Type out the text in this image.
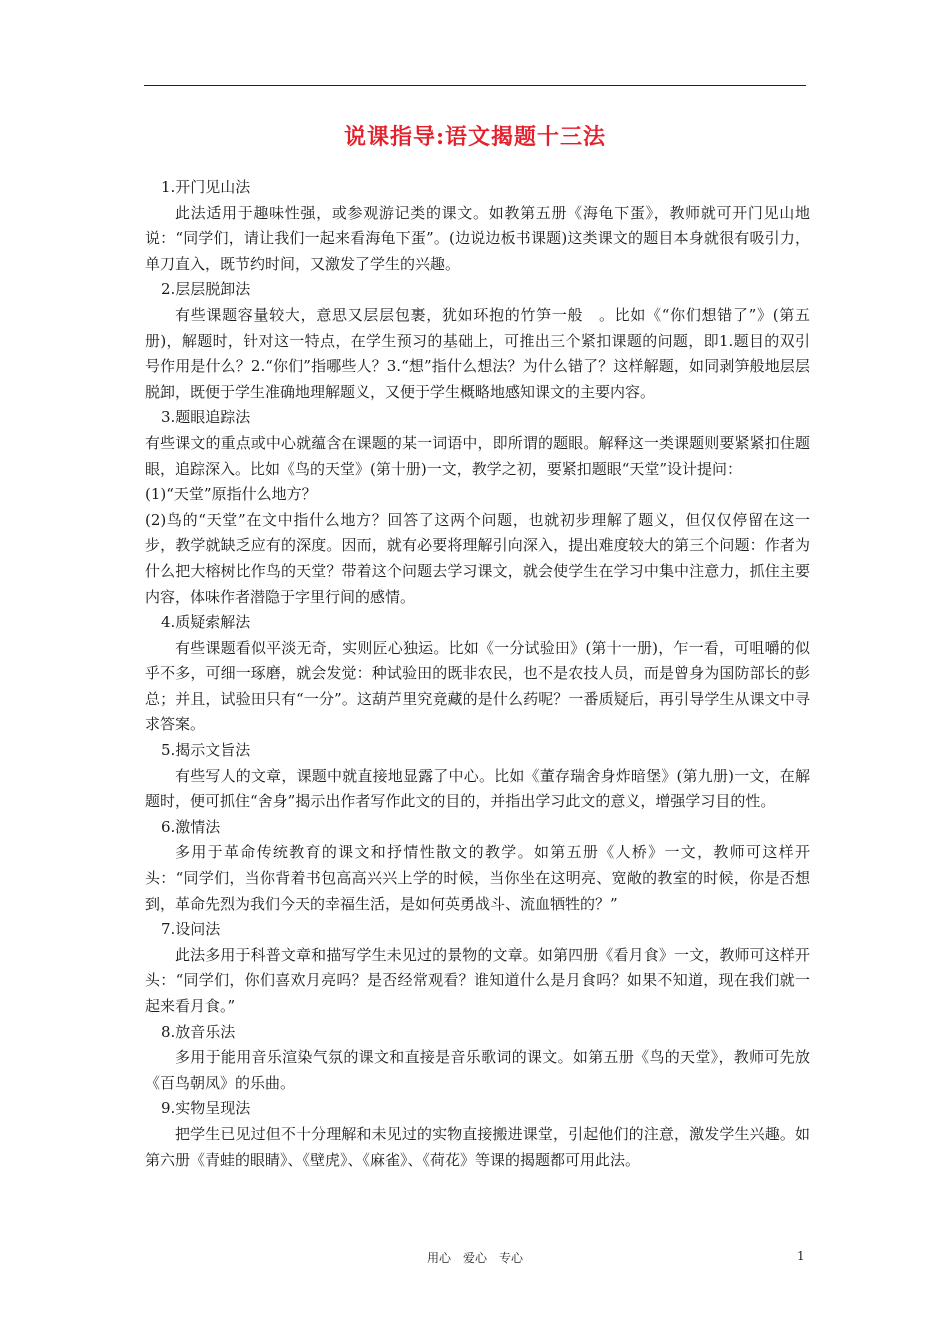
说课指导:语文揭题十三法

1.开门见山法

此法适用于趣味性强，或参观游记类的课文。如教第五册《海龟下蛋》，教师就可开门见山地说：“同学们，请让我们一起来看海龟下蛋”。(边说边板书课题)这类课文的题目本身就很有吸引力，单刀直入，既节约时间，又激发了学生的兴趣。

2.层层脱卸法

有些课题容量较大，意思又层层包裹，犹如环抱的竹笋一般　。比如《“你们想错了”》(第五册)，解题时，针对这一特点，在学生预习的基础上，可推出三个紧扣课题的问题，即1.题目的双引号作用是什么？2.“你们”指哪些人？3.“想”指什么想法？为什么错了？这样解题，如同剥笋般地层层脱卸，既便于学生准确地理解题义，又便于学生概略地感知课文的主要内容。

3.题眼追踪法

有些课文的重点或中心就蕴含在课题的某一词语中，即所谓的题眼。解释这一类课题则要紧紧扣住题眼，追踪深入。比如《鸟的天堂》(第十册)一文，教学之初，要紧扣题眼“天堂”设计提问：

(1)“天堂”原指什么地方？

(2)鸟的“天堂”在文中指什么地方？回答了这两个问题，也就初步理解了题义，但仅仅停留在这一步，教学就缺乏应有的深度。因而，就有必要将理解引向深入，提出难度较大的第三个问题：作者为什么把大榕树比作鸟的天堂？带着这个问题去学习课文，就会使学生在学习中集中注意力，抓住主要内容，体味作者潜隐于字里行间的感情。

4.质疑索解法

有些课题看似平淡无奇，实则匠心独运。比如《一分试验田》(第十一册)，乍一看，可咀嚼的似乎不多，可细一琢磨，就会发觉：种试验田的既非农民，也不是农技人员，而是曾身为国防部长的彭总；并且，试验田只有“一分”。这葫芦里究竟藏的是什么药呢？一番质疑后，再引导学生从课文中寻求答案。

5.揭示文旨法

有些写人的文章，课题中就直接地显露了中心。比如《董存瑞舍身炸暗堡》(第九册)一文，在解题时，便可抓住“舍身”揭示出作者写作此文的目的，并指出学习此文的意义，增强学习目的性。

6.激情法

多用于革命传统教育的课文和抒情性散文的教学。如第五册《人桥》一文，教师可这样开头：“同学们，当你背着书包高高兴兴上学的时候，当你坐在这明亮、宽敞的教室的时候，你是否想到，革命先烈为我们今天的幸福生活，是如何英勇战斗、流血牺牲的？”

7.设问法

此法多用于科普文章和描写学生未见过的景物的文章。如第四册《看月食》一文，教师可这样开头：“同学们，你们喜欢月亮吗？是否经常观看？谁知道什么是月食吗？如果不知道，现在我们就一起来看月食。”

8.放音乐法

多用于能用音乐渲染气氛的课文和直接是音乐歌词的课文。如第五册《鸟的天堂》，教师可先放《百鸟朝凤》的乐曲。

9.实物呈现法

把学生已见过但不十分理解和未见过的实物直接搬进课堂，引起他们的注意，激发学生兴趣。如第六册《青蛙的眼睛》、《壁虎》、《麻雀》、《荷花》等课的揭题都可用此法。

用心　爱心　专心	1
